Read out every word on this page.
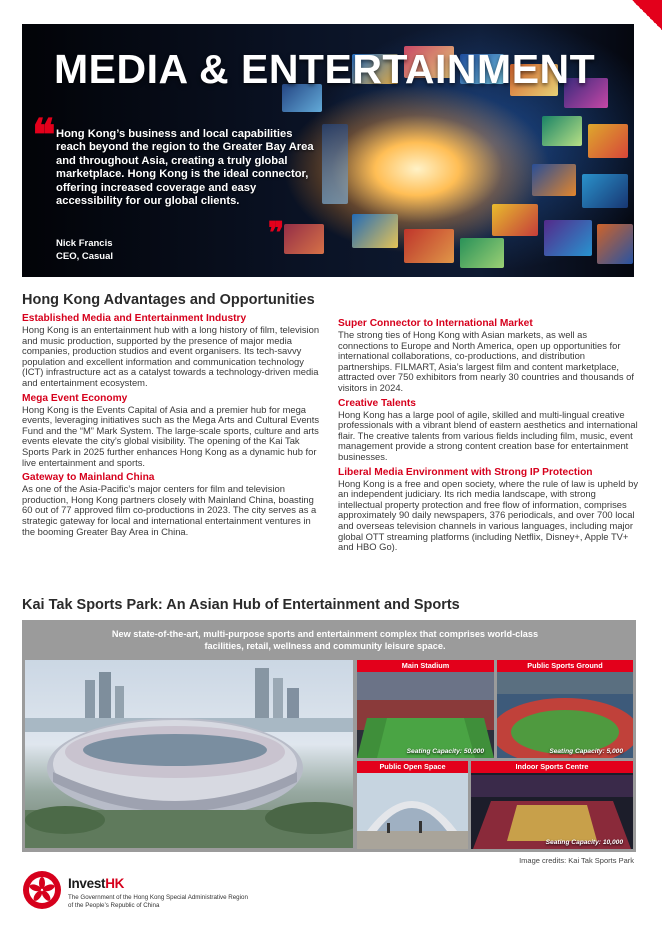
MEDIA & ENTERTAINMENT
❝ Hong Kong’s business and local capabilities reach beyond the region to the Greater Bay Area and throughout Asia, creating a truly global marketplace. Hong Kong is the ideal connector, offering increased coverage and easy accessibility for our global clients.
❞
Nick Francis
CEO, Casual
Hong Kong Advantages and Opportunities
Established Media and Entertainment Industry

Hong Kong is an entertainment hub with a long history of film, television and music production, supported by the presence of major media companies, production studios and event organisers. Its tech-savvy population and excellent information and communication technology (ICT) infrastructure act as a catalyst towards a technology-driven media and entertainment ecosystem.

Mega Event Economy

Hong Kong is the Events Capital of Asia and a premier hub for mega events, leveraging initiatives such as the Mega Arts and Cultural Events Fund and the “M” Mark System. The large-scale sports, culture and arts events elevate the city’s global visibility. The opening of the Kai Tak Sports Park in 2025 further enhances Hong Kong as a dynamic hub for live entertainment and sports.

Gateway to Mainland China

As one of the Asia-Pacific’s major centers for film and television production, Hong Kong partners closely with Mainland China, boasting 60 out of 77 approved film co-productions in 2023. The city serves as a strategic gateway for local and international entertainment ventures in the booming Greater Bay Area in China.

Super Connector to International Market

The strong ties of Hong Kong with Asian markets, as well as connections to Europe and North America, open up opportunities for international collaborations, co-productions, and distribution partnerships. FILMART, Asia’s largest film and content marketplace, attracted over 750 exhibitors from nearly 30 countries and thousands of visitors in 2024.

Creative Talents

Hong Kong has a large pool of agile, skilled and multi-lingual creative professionals with a vibrant blend of eastern aesthetics and international flair. The creative talents from various fields including film, music, event management provide a strong content creation base for entertainment businesses.

Liberal Media Environment with Strong IP Protection

Hong Kong is a free and open society, where the rule of law is upheld by an independent judiciary. Its rich media landscape, with strong intellectual property protection and free flow of information, comprises approximately 90 daily newspapers, 376 periodicals, and over 700 local and overseas television channels in various languages, including major global OTT streaming platforms (including Netflix, Disney+, Apple TV+ and HBO Go).

Kai Tak Sports Park: An Asian Hub of Entertainment and Sports
New state-of-the-art, multi-purpose sports and entertainment complex that comprises world-class facilities, retail, wellness and community leisure space.
Main Stadium
Seating Capacity: 50,000
Public Sports Ground
Seating Capacity: 5,000
Public Open Space	Indoor Sports Centre
Seating Capacity: 10,000
Image credits: Kai Tak Sports Park
InvestHK
The Government of the Hong Kong Special Administrative Region
of the People’s Republic of China
